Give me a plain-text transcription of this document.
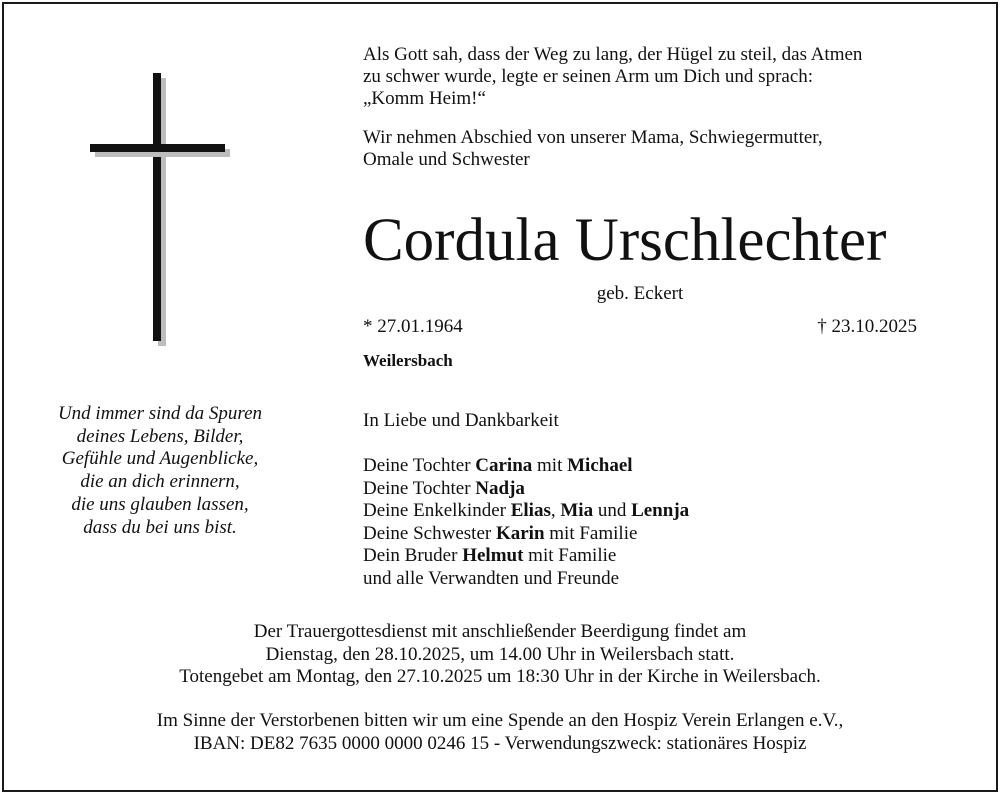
Als Gott sah, dass der Weg zu lang, der Hügel zu steil, das Atmen
zu schwer wurde, legte er seinen Arm um Dich und sprach:
„Komm Heim!“
Wir nehmen Abschied von unserer Mama, Schwiegermutter,
Omale und Schwester
Cordula Urschlechter
geb. Eckert
* 27.01.1964	† 23.10.2025
Weilersbach
Und immer sind da Spuren
deines Lebens, Bilder,
Gefühle und Augenblicke,
die an dich erinnern,
die uns glauben lassen,
dass du bei uns bist.
In Liebe und Dankbarkeit
Deine Tochter Carina mit Michael
Deine Tochter Nadja
Deine Enkelkinder Elias, Mia und Lennja
Deine Schwester Karin mit Familie
Dein Bruder Helmut mit Familie
und alle Verwandten und Freunde
Der Trauergottesdienst mit anschließender Beerdigung findet am
Dienstag, den 28.10.2025, um 14.00 Uhr in Weilersbach statt.
Totengebet am Montag, den 27.10.2025 um 18:30 Uhr in der Kirche in Weilersbach.
Im Sinne der Verstorbenen bitten wir um eine Spende an den Hospiz Verein Erlangen e.V.,
IBAN: DE82 7635 0000 0000 0246 15 - Verwendungszweck: stationäres Hospiz
